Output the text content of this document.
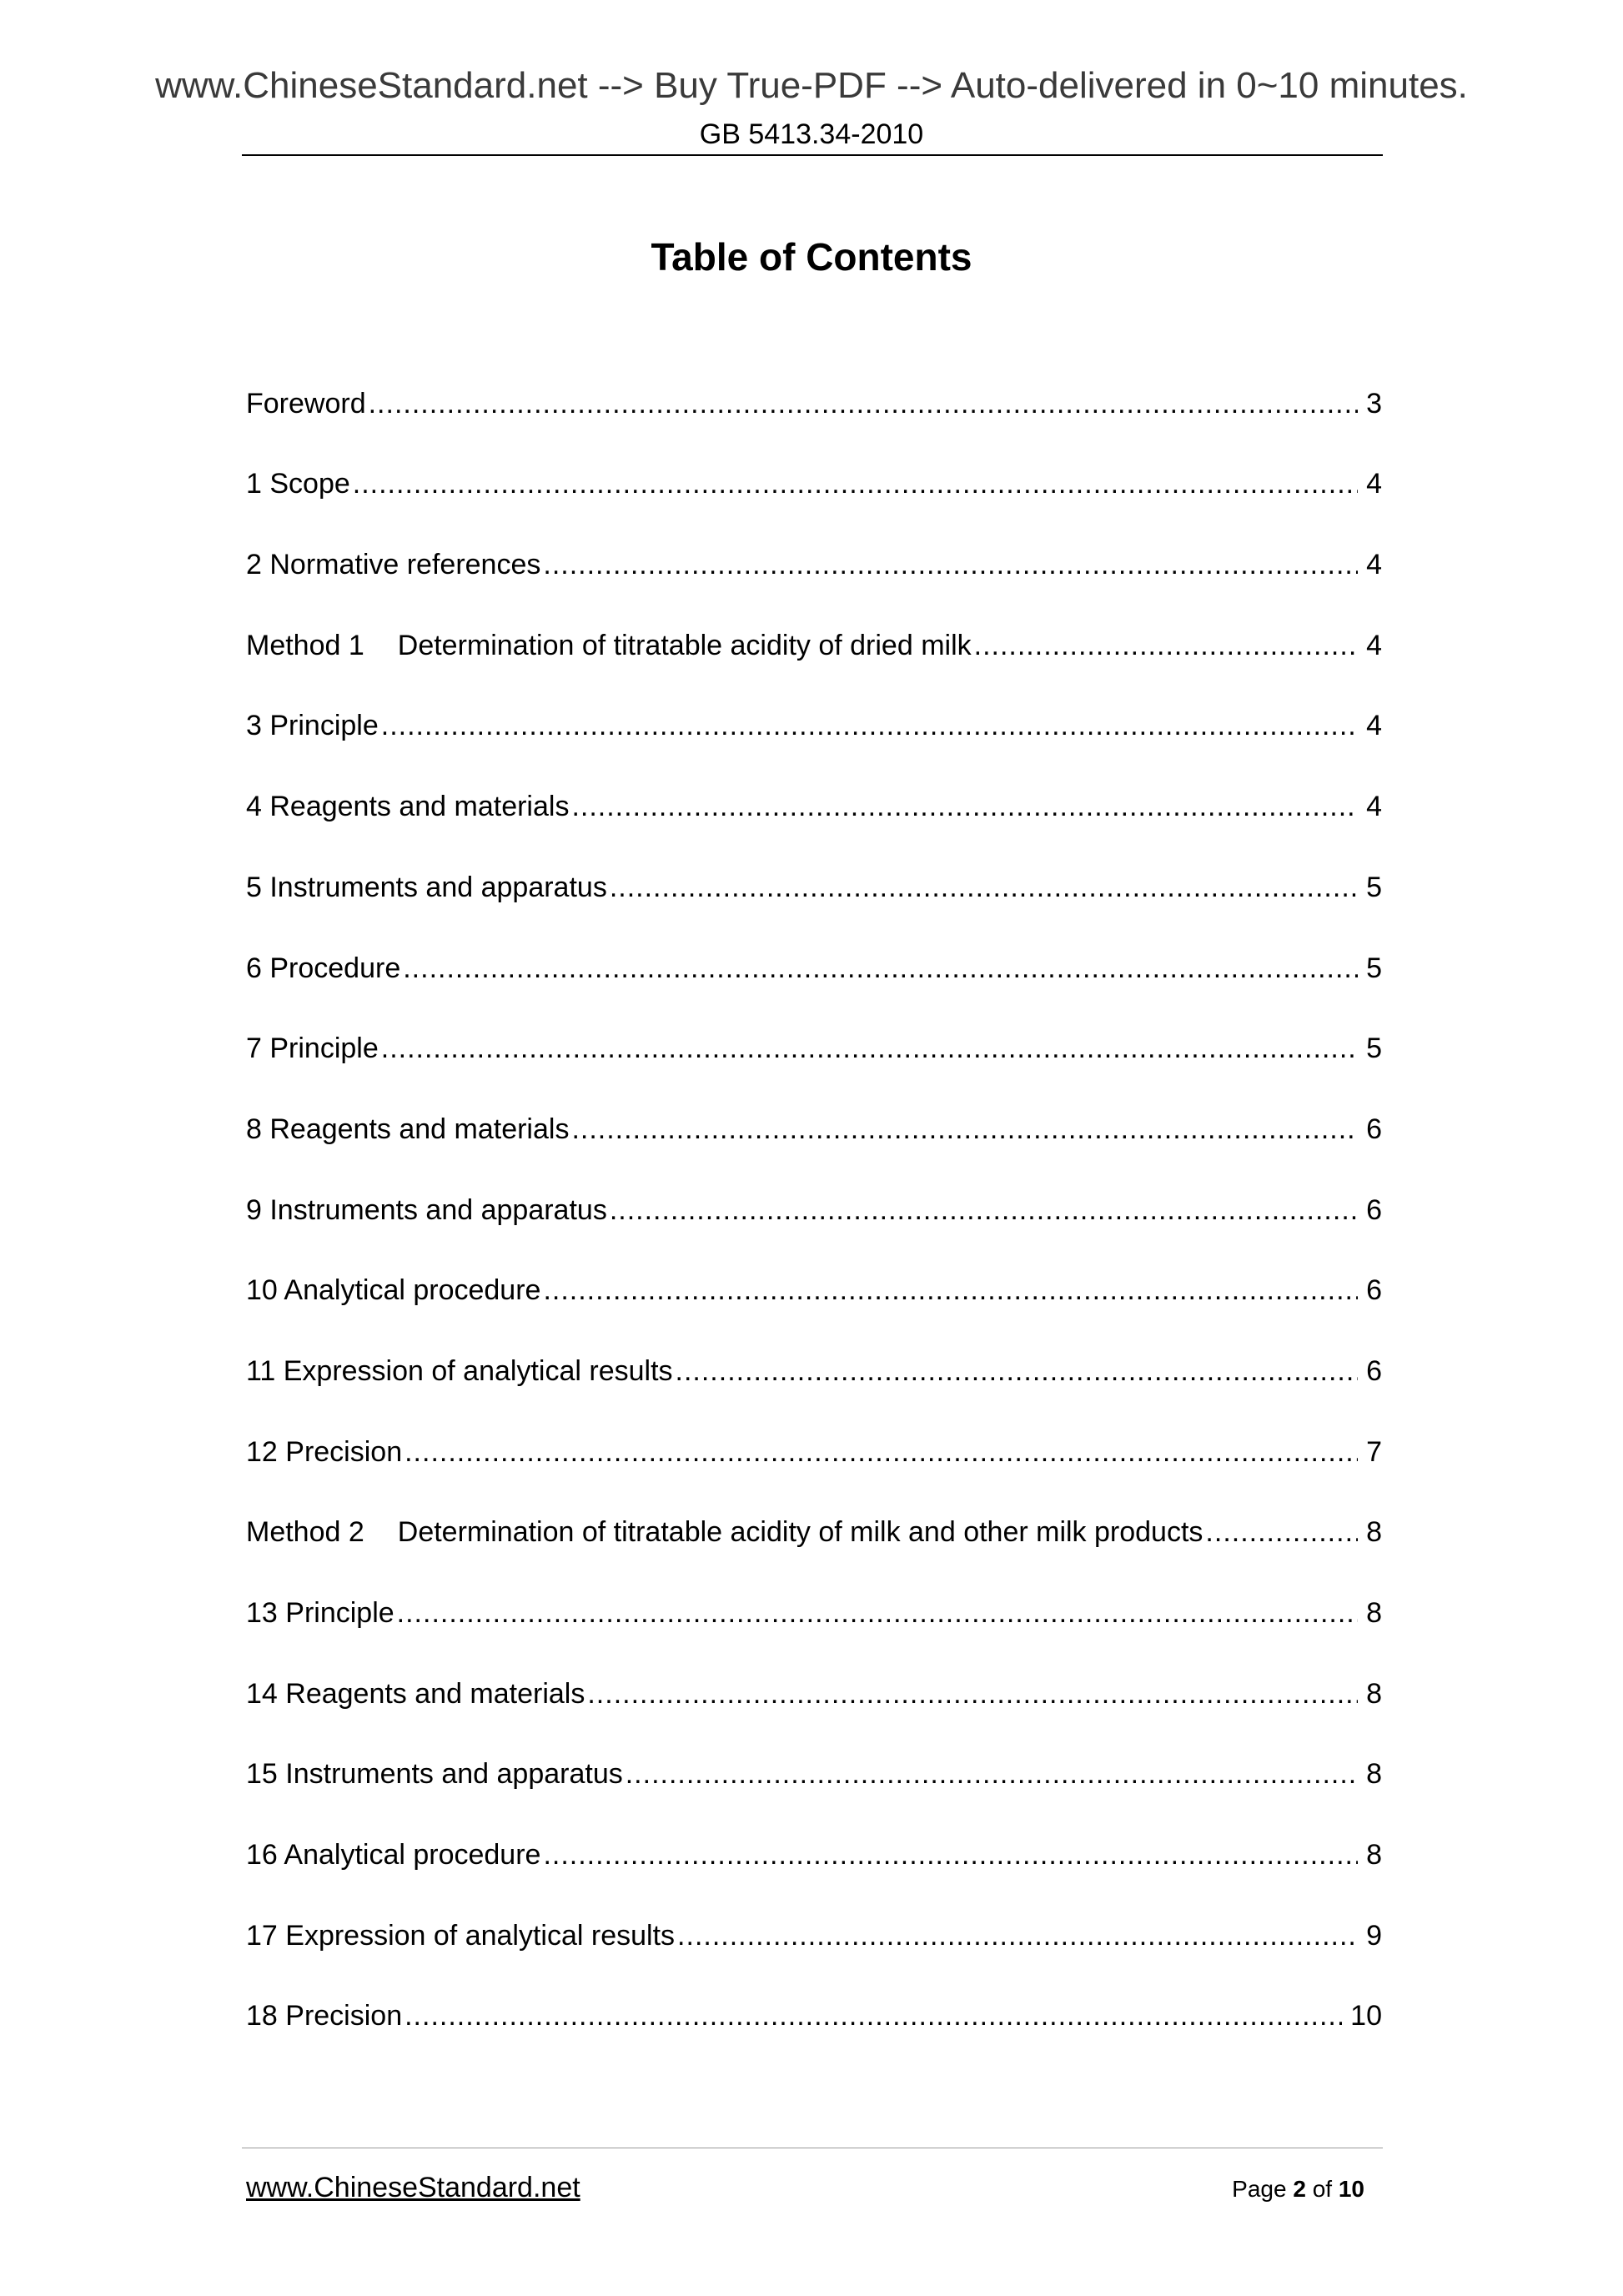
www.ChineseStandard.net --> Buy True-PDF --> Auto-delivered in 0~10 minutes.
GB 5413.34-2010
Table of Contents
Foreword .....	3
1 Scope .....	4
2 Normative references .....	4
Method 1 Determination of titratable acidity of dried milk .....	4
3 Principle .....	4
4 Reagents and materials .....	4
5 Instruments and apparatus .....	5
6 Procedure .....	5
7 Principle .....	5
8 Reagents and materials .....	6
9 Instruments and apparatus .....	6
10 Analytical procedure .....	6
11 Expression of analytical results .....	6
12 Precision .....	7
Method 2 Determination of titratable acidity of milk and other milk products .....	8
13 Principle .....	8
14 Reagents and materials .....	8
15 Instruments and apparatus .....	8
16 Analytical procedure .....	8
17 Expression of analytical results .....	9
18 Precision .....	10
www.ChineseStandard.net	Page 2 of 10
